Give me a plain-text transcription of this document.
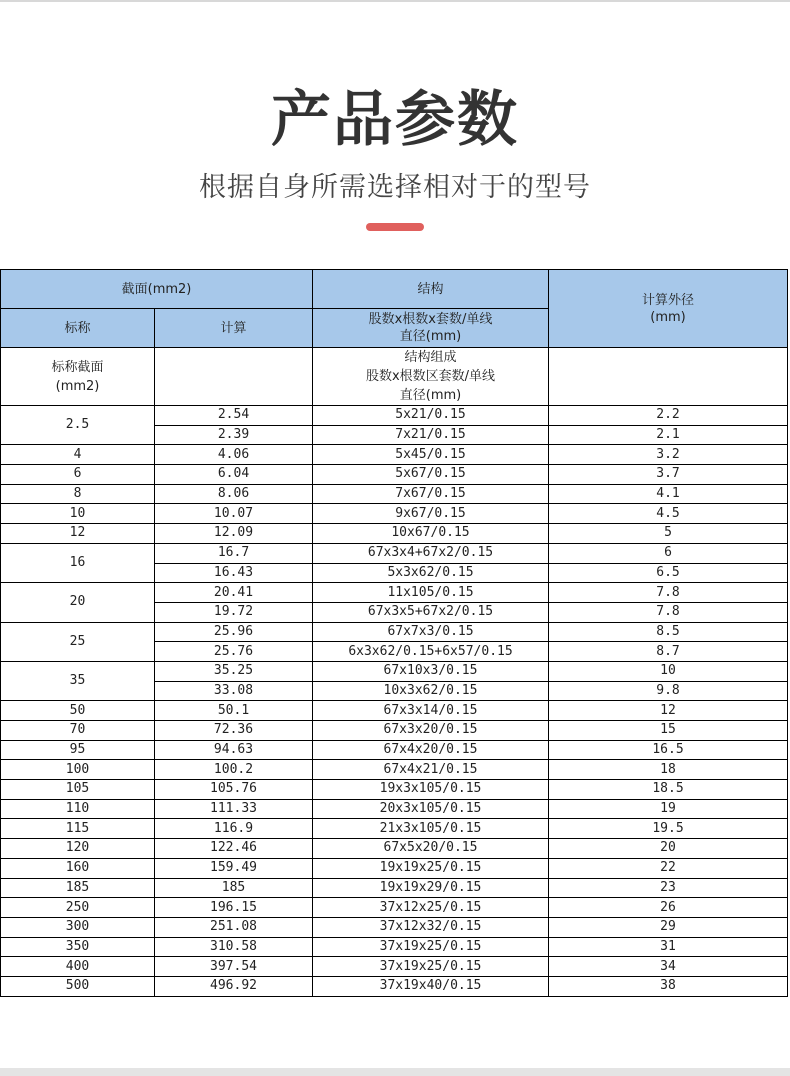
产品参数
根据自身所需选择相对于的型号
截面(mm2)		结构	计算外径
(mm)

标称	计算	股数x根数x套数/单线
直径(mm)	

标称截面
(mm2)		结构组成
股数x根数区套数/单线
直径(mm)	

2.5	2.54	5x21/0.15	2.2
	2.39	7x21/0.15	2.1
4	4.06	5x45/0.15	3.2
6	6.04	5x67/0.15	3.7
8	8.06	7x67/0.15	4.1
10	10.07	9x67/0.15	4.5
12	12.09	10x67/0.15	5
16	16.7	67x3x4+67x2/0.15	6
	16.43	5x3x62/0.15	6.5
20	20.41	11x105/0.15	7.8
	19.72	67x3x5+67x2/0.15	7.8
25	25.96	67x7x3/0.15	8.5
	25.76	6x3x62/0.15+6x57/0.15	8.7
35	35.25	67x10x3/0.15	10
	33.08	10x3x62/0.15	9.8
50	50.1	67x3x14/0.15	12
70	72.36	67x3x20/0.15	15
95	94.63	67x4x20/0.15	16.5
100	100.2	67x4x21/0.15	18
105	105.76	19x3x105/0.15	18.5
110	111.33	20x3x105/0.15	19
115	116.9	21x3x105/0.15	19.5
120	122.46	67x5x20/0.15	20
160	159.49	19x19x25/0.15	22
185	185	19x19x29/0.15	23
250	196.15	37x12x25/0.15	26
300	251.08	37x12x32/0.15	29
350	310.58	37x19x25/0.15	31
400	397.54	37x19x25/0.15	34
500	496.92	37x19x40/0.15	38
